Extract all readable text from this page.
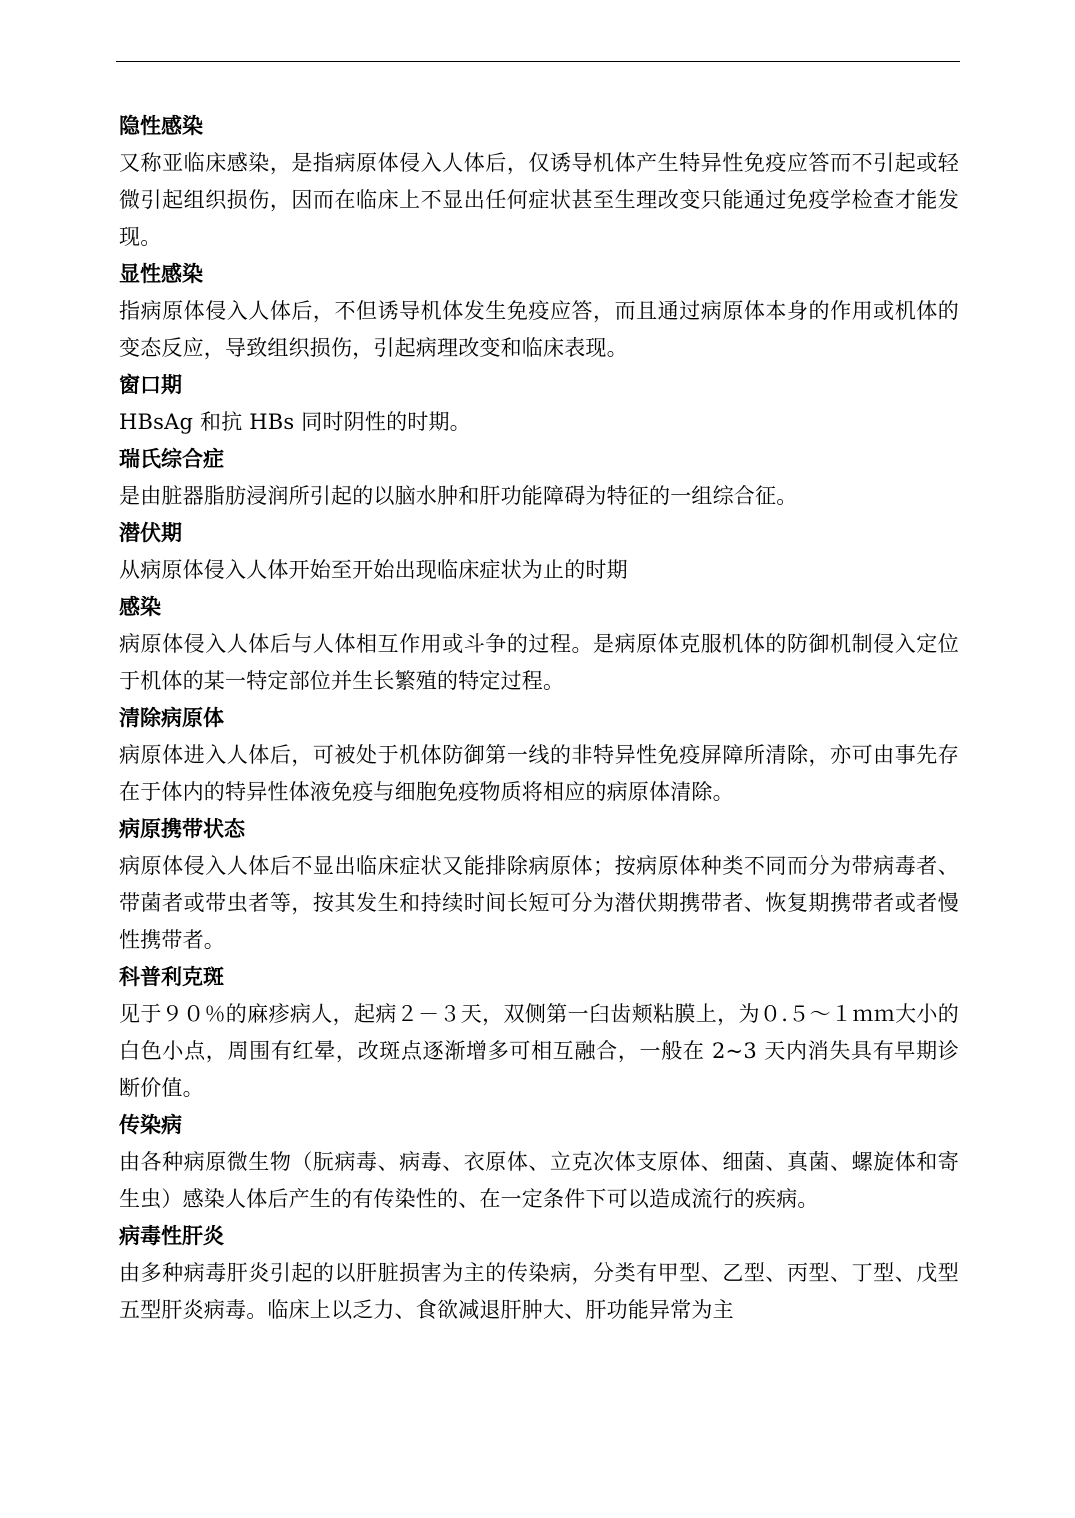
隐性感染
又称亚临床感染，是指病原体侵入人体后，仅诱导机体产生特异性免疫应答而不引起或轻微引起组织损伤，因而在临床上不显出任何症状甚至生理改变只能通过免疫学检查才能发现。
显性感染
指病原体侵入人体后，不但诱导机体发生免疫应答，而且通过病原体本身的作用或机体的变态反应，导致组织损伤，引起病理改变和临床表现。
窗口期
HBsAg 和抗 HBs 同时阴性的时期。
瑞氏综合症
是由脏器脂肪浸润所引起的以脑水肿和肝功能障碍为特征的一组综合征。
潜伏期
从病原体侵入人体开始至开始出现临床症状为止的时期
感染
病原体侵入人体后与人体相互作用或斗争的过程。是病原体克服机体的防御机制侵入定位于机体的某一特定部位并生长繁殖的特定过程。
清除病原体
病原体进入人体后，可被处于机体防御第一线的非特异性免疫屏障所清除，亦可由事先存在于体内的特异性体液免疫与细胞免疫物质将相应的病原体清除。
病原携带状态
病原体侵入人体后不显出临床症状又能排除病原体；按病原体种类不同而分为带病毒者、带菌者或带虫者等，按其发生和持续时间长短可分为潜伏期携带者、恢复期携带者或者慢性携带者。
科普利克斑
见于９０％的麻疹病人，起病２－３天，双侧第一臼齿颊粘膜上，为０.５～１ｍｍ大小的白色小点，周围有红晕，改斑点逐渐增多可相互融合，一般在 2~3 天内消失具有早期诊断价值。
传染病
由各种病原微生物（朊病毒、病毒、衣原体、立克次体支原体、细菌、真菌、螺旋体和寄生虫）感染人体后产生的有传染性的、在一定条件下可以造成流行的疾病。
病毒性肝炎
由多种病毒肝炎引起的以肝脏损害为主的传染病，分类有甲型、乙型、丙型、丁型、戊型五型肝炎病毒。临床上以乏力、食欲减退肝肿大、肝功能异常为主
